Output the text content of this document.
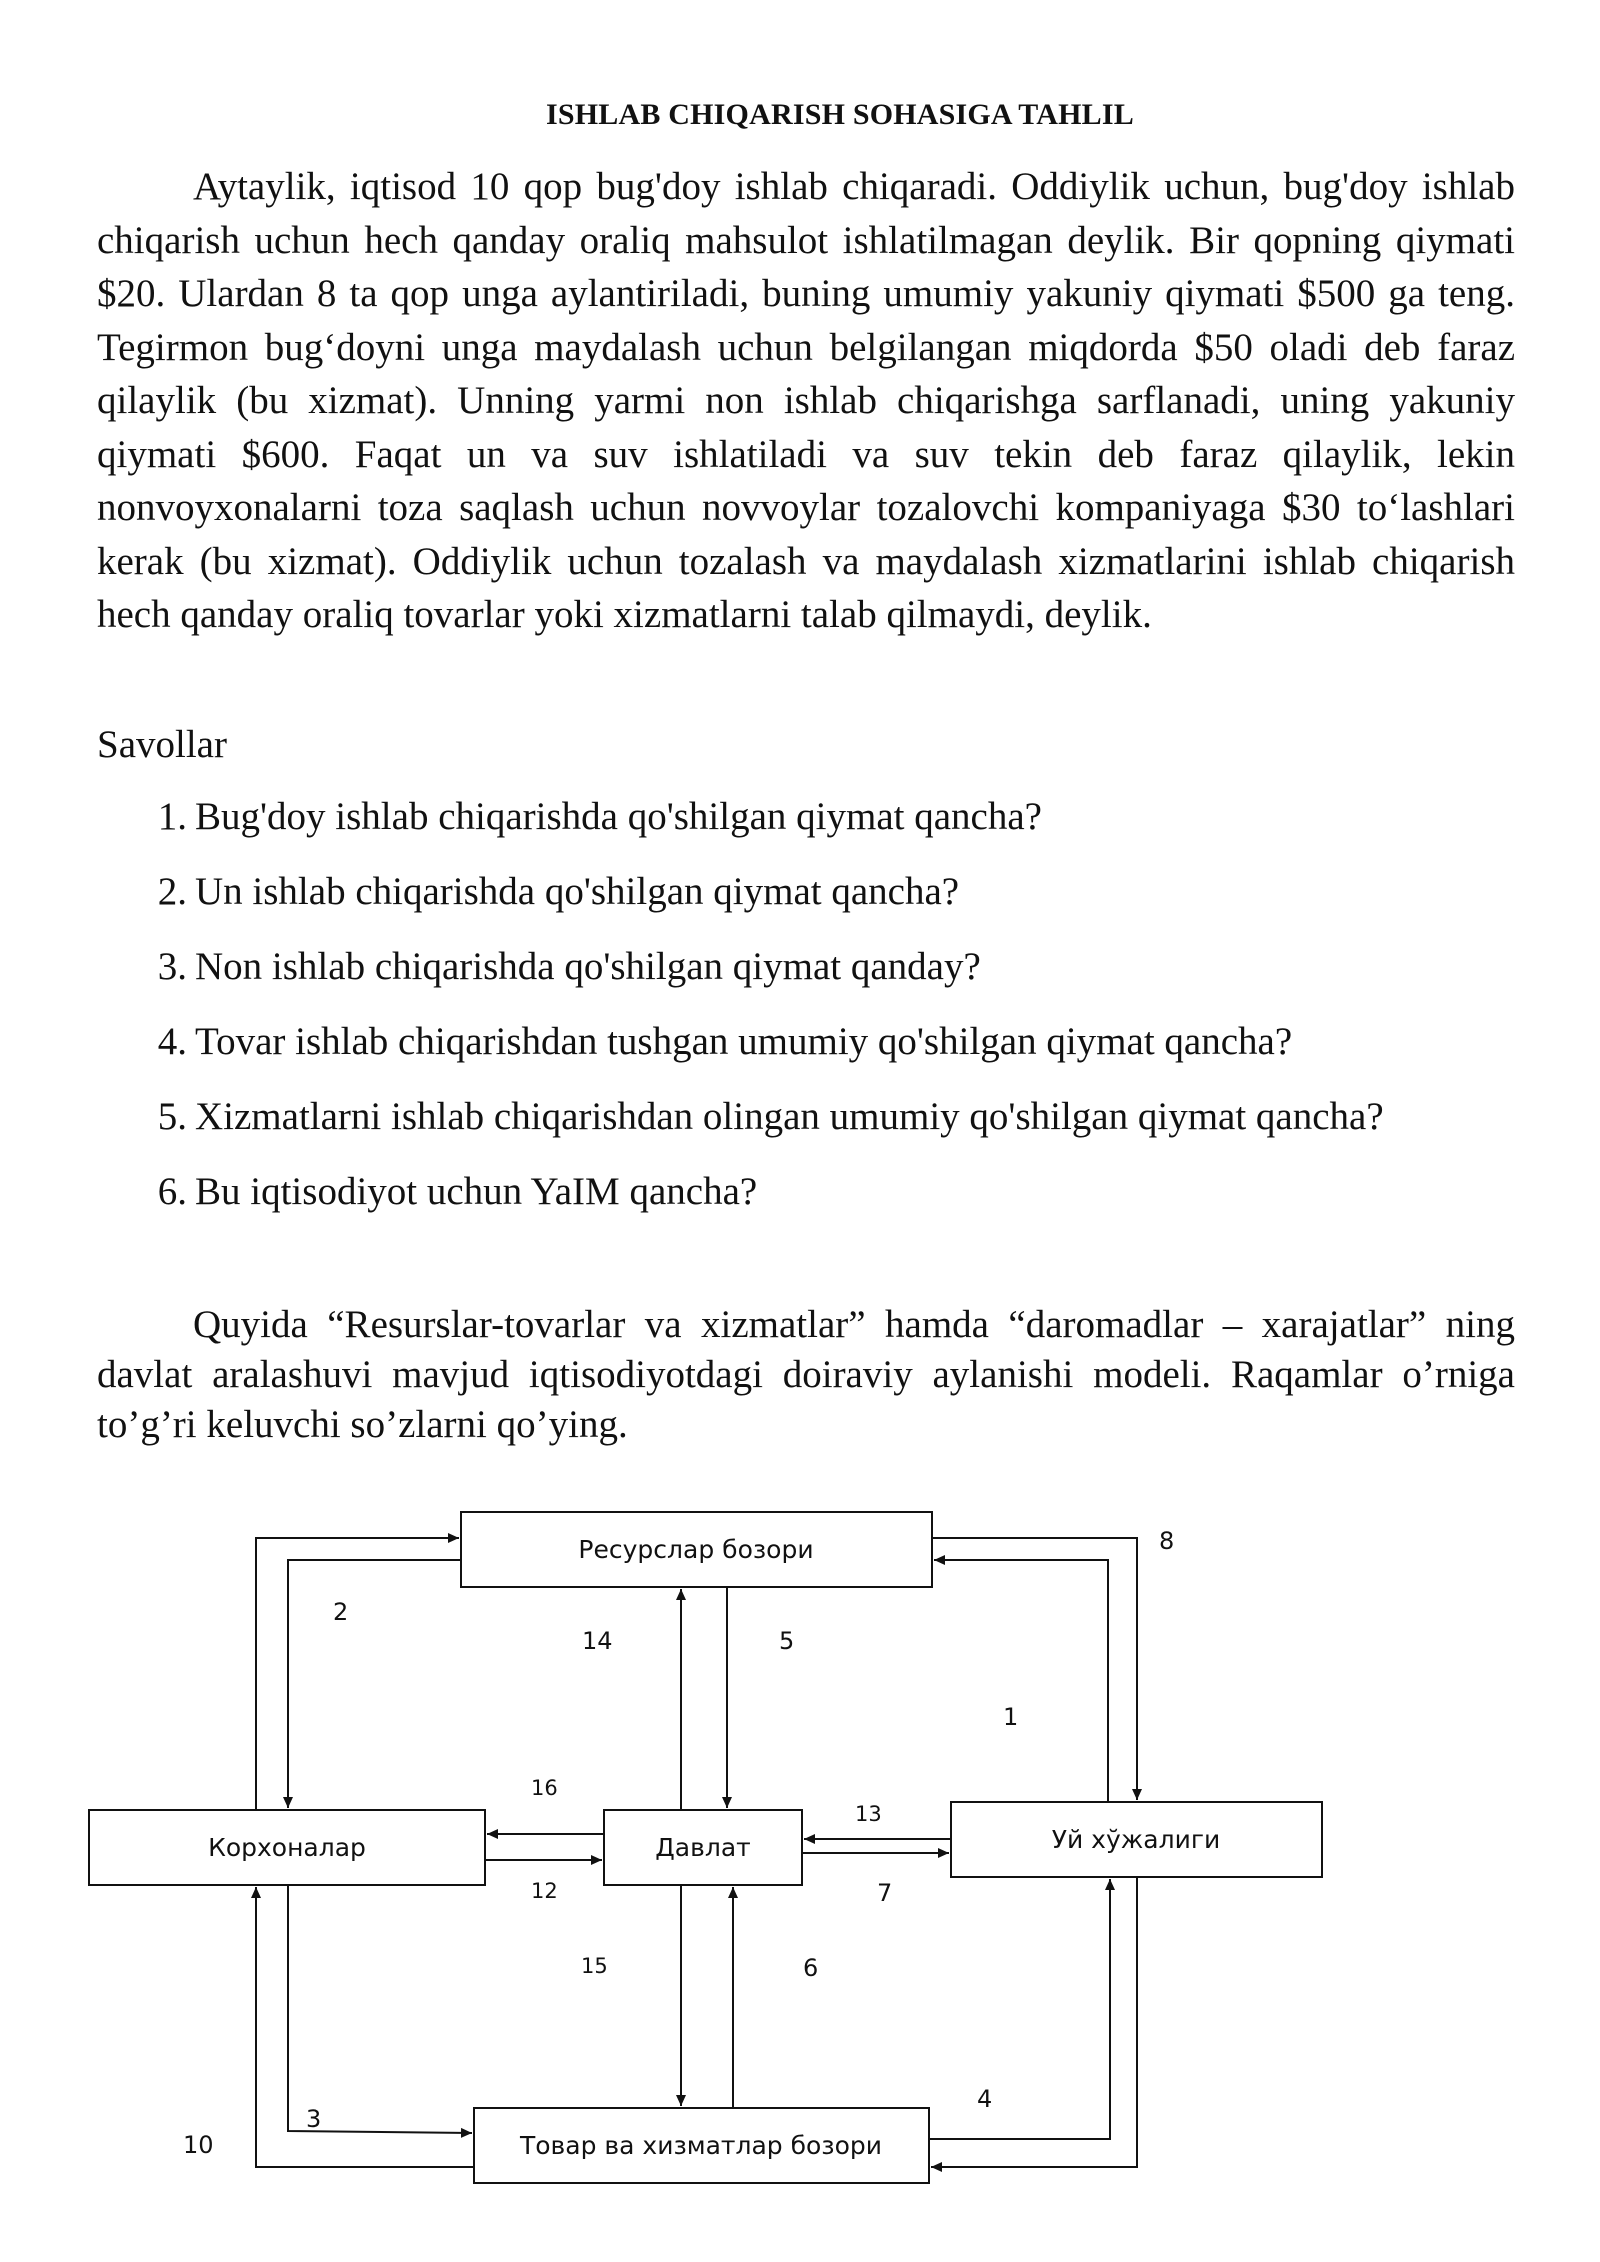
ISHLAB CHIQARISH SOHASIGA TAHLIL

Aytaylik, iqtisod 10 qop bug'doy ishlab chiqaradi. Oddiylik uchun, bug'doy ishlab chiqarish uchun hech qanday oraliq mahsulot ishlatilmagan deylik. Bir qopning qiymati $20. Ulardan 8 ta qop unga aylantiriladi, buning umumiy yakuniy qiymati $500 ga teng. Tegirmon bug‘doyni unga maydalash uchun belgilangan miqdorda $50 oladi deb faraz qilaylik (bu xizmat). Unning yarmi non ishlab chiqarishga sarflanadi, uning yakuniy qiymati $600. Faqat un va suv ishlatiladi va suv tekin deb faraz qilaylik, lekin nonvoyxonalarni toza saqlash uchun novvoylar tozalovchi kompaniyaga $30 to‘lashlari kerak (bu xizmat). Oddiylik uchun tozalash va maydalash xizmatlarini ishlab chiqarish hech qanday oraliq tovarlar yoki xizmatlarni talab qilmaydi, deylik.

Savollar
1. Bug'doy ishlab chiqarishda qo'shilgan qiymat qancha?
2. Un ishlab chiqarishda qo'shilgan qiymat qancha?
3. Non ishlab chiqarishda qo'shilgan qiymat qanday?
4. Tovar ishlab chiqarishdan tushgan umumiy qo'shilgan qiymat qancha?
5. Xizmatlarni ishlab chiqarishdan olingan umumiy qo'shilgan qiymat qancha?
6. Bu iqtisodiyot uchun YaIM qancha?

Quyida “Resurslar-tovarlar va xizmatlar” hamda “daromadlar – xarajatlar” ning davlat aralashuvi mavjud iqtisodiyotdagi doiraviy aylanishi modeli. Raqamlar o’rniga to’g’ri keluvchi so’zlarni qo’ying.

Ресурслар бозори
Корхоналар	Давлат	Уй хўжалиги
Товар ва хизматлар бозори
8
2
14	5
1
16
13
12	7
15	6
4
3
10
